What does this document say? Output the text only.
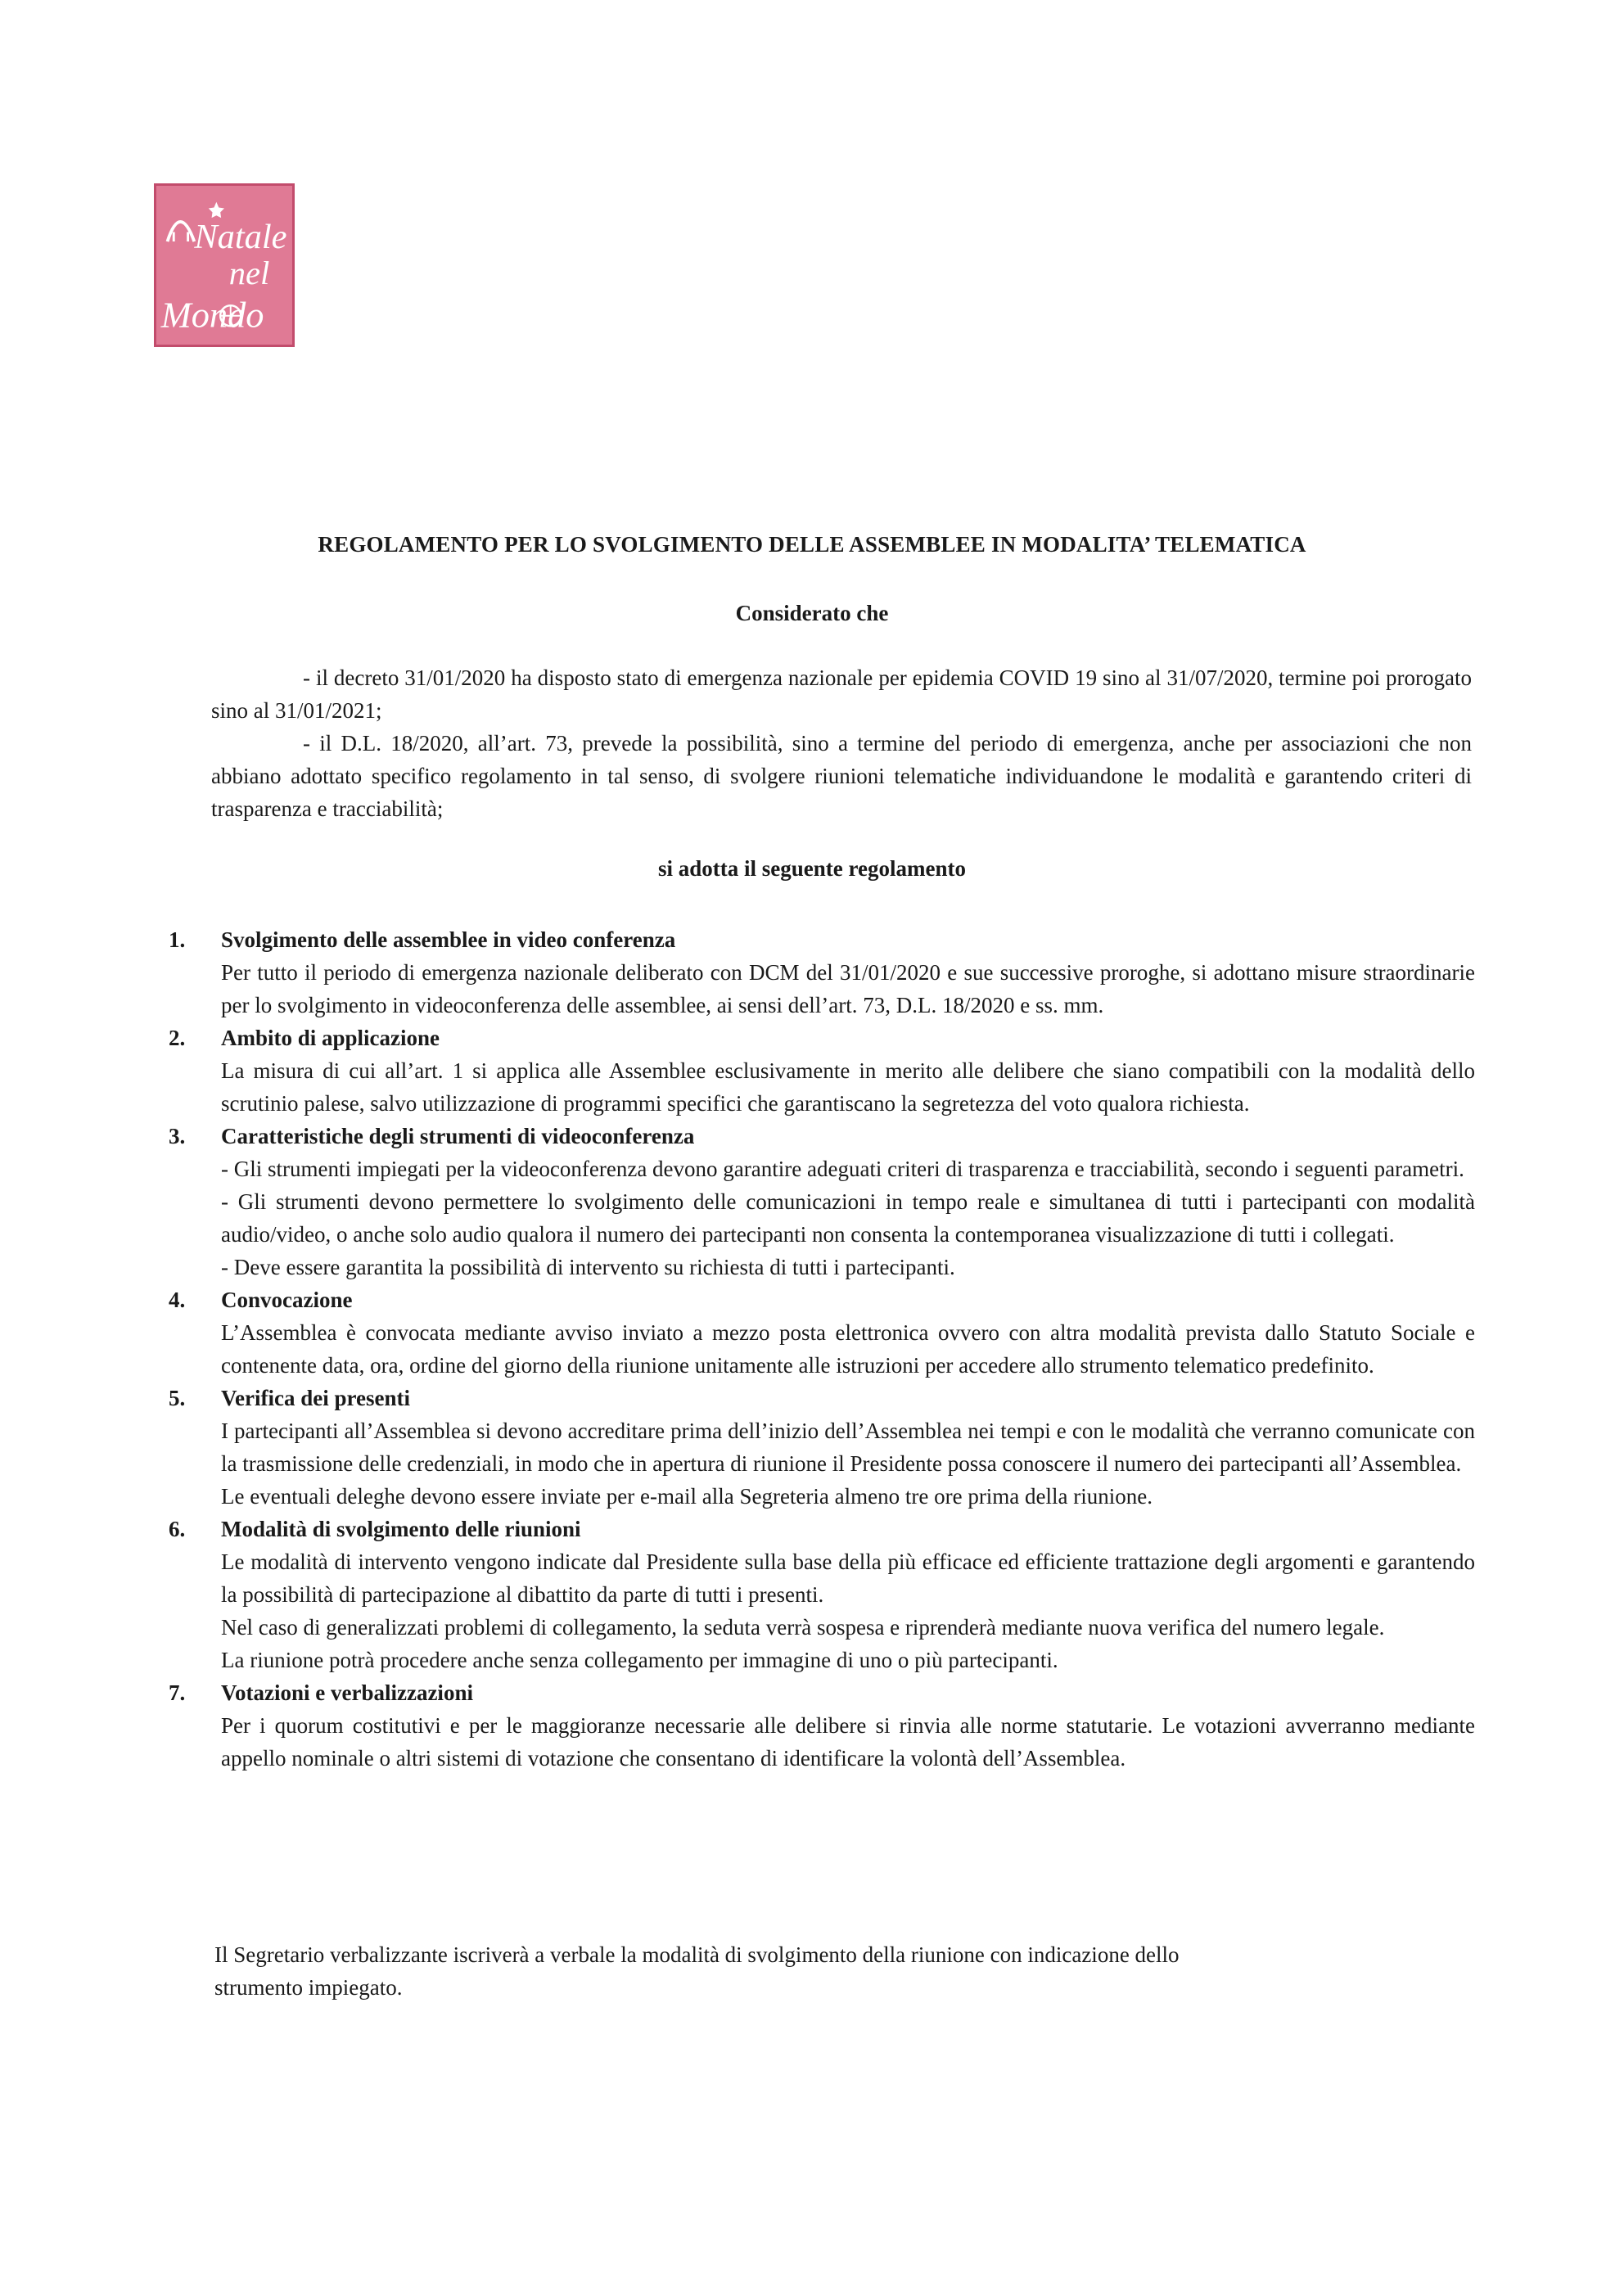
Natale
nel
Mondo
REGOLAMENTO PER LO SVOLGIMENTO DELLE ASSEMBLEE IN MODALITA’ TELEMATICA
Considerato che

- il decreto 31/01/2020 ha disposto stato di emergenza nazionale per epidemia COVID 19 sino al 31/07/2020, termine poi prorogato sino al 31/01/2021;

- il D.L. 18/2020, all’art. 73, prevede la possibilità, sino a termine del periodo di emergenza, anche per associazioni che non abbiano adottato specifico regolamento in tal senso, di svolgere riunioni telematiche individuandone le modalità e garantendo criteri di trasparenza e tracciabilità;

si adotta il seguente regolamento
1. Svolgimento delle assemblee in video conferenza

Per tutto il periodo di emergenza nazionale deliberato con DCM del 31/01/2020 e sue successive proroghe, si adottano misure straordinarie per lo svolgimento in videoconferenza delle assemblee, ai sensi dell’art. 73, D.L. 18/2020 e ss. mm.

2. Ambito di applicazione

La misura di cui all’art. 1 si applica alle Assemblee esclusivamente in merito alle delibere che siano compatibili con la modalità dello scrutinio palese, salvo utilizzazione di programmi specifici che garantiscano la segretezza del voto qualora richiesta.

3. Caratteristiche degli strumenti di videoconferenza

- Gli strumenti impiegati per la videoconferenza devono garantire adeguati criteri di trasparenza e tracciabilità, secondo i seguenti parametri.

- Gli strumenti devono permettere lo svolgimento delle comunicazioni in tempo reale e simultanea di tutti i partecipanti con modalità audio/video, o anche solo audio qualora il numero dei partecipanti non consenta la contemporanea visualizzazione di tutti i collegati.

- Deve essere garantita la possibilità di intervento su richiesta di tutti i partecipanti.

4. Convocazione

L’Assemblea è convocata mediante avviso inviato a mezzo posta elettronica ovvero con altra modalità prevista dallo Statuto Sociale e contenente data, ora, ordine del giorno della riunione unitamente alle istruzioni per accedere allo strumento telematico predefinito.

5. Verifica dei presenti

I partecipanti all’Assemblea si devono accreditare prima dell’inizio dell’Assemblea nei tempi e con le modalità che verranno comunicate con la trasmissione delle credenziali, in modo che in apertura di riunione il Presidente possa conoscere il numero dei partecipanti all’Assemblea.

Le eventuali deleghe devono essere inviate per e-mail alla Segreteria almeno tre ore prima della riunione.

6. Modalità di svolgimento delle riunioni

Le modalità di intervento vengono indicate dal Presidente sulla base della più efficace ed efficiente trattazione degli argomenti e garantendo la possibilità di partecipazione al dibattito da parte di tutti i presenti.

Nel caso di generalizzati problemi di collegamento, la seduta verrà sospesa e riprenderà mediante nuova verifica del numero legale.

La riunione potrà procedere anche senza collegamento per immagine di uno o più partecipanti.

7. Votazioni e verbalizzazioni

Per i quorum costitutivi e per le maggioranze necessarie alle delibere si rinvia alle norme statutarie. Le votazioni avverranno mediante appello nominale o altri sistemi di votazione che consentano di identificare la volontà dell’Assemblea.

Il Segretario verbalizzante iscriverà a verbale la modalità di svolgimento della riunione con indicazione dello

strumento impiegato.
